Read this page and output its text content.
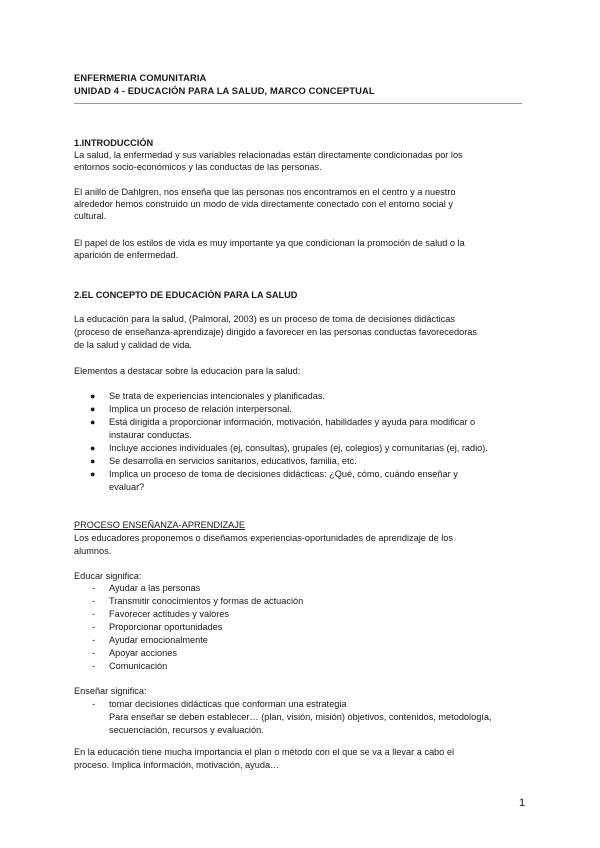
ENFERMERIA COMUNITARIA
UNIDAD 4 - EDUCACIÓN PARA LA SALUD, MARCO CONCEPTUAL
1.INTRODUCCIÓN
La salud, la enfermedad y sus variables relacionadas están directamente condicionadas por los
entornos socio-económicos y las conductas de las personas.
El anillo de Dahlgren, nos enseña que las personas nos encontramos en el centro y a nuestro
alrededor hemos construido un modo de vida directamente conectado con el entorno social y
cultural.
El papel de los estilos de vida es muy importante ya que condicionan la promoción de salud o la
aparición de enfermedad.
2.EL CONCEPTO DE EDUCACIÓN PARA LA SALUD
La educación para la salud, (Palmoral, 2003) es un proceso de toma de decisiones didácticas
(proceso de enseñanza-aprendizaje) dirigido a favorecer en las personas conductas favorecedoras
de la salud y calidad de vida.
Elementos a destacar sobre la educación para la salud:
● Se trata de experiencias intencionales y planificadas.
● Implica un proceso de relación interpersonal.
● Está dirigida a proporcionar información, motivación, habilidades y ayuda para modificar o
instaurar conductas.
● Incluye acciones individuales (ej, consultas), grupales (ej, colegios) y comunitarias (ej, radio).
● Se desarrolla en servicios sanitarios, educativos, familia, etc.
● Implica un proceso de toma de decisiones didácticas: ¿Qué, cómo, cuándo enseñar y
evaluar?
PROCESO ENSEÑANZA-APRENDIZAJE
Los educadores proponemos o diseñamos experiencias-oportunidades de aprendizaje de los
alumnos.
Educar significa:
- Ayudar a las personas
- Transmitir conocimientos y formas de actuación
- Favorecer actitudes y valores
- Proporcionar oportunidades
- Ayudar emocionalmente
- Apoyar acciones
- Comunicación
Enseñar significa:
- tomar decisiones didácticas que conforman una estrategia
Para enseñar se deben establecer… (plan, visión, misión) objetivos, contenidos, metodología,
secuenciación, recursos y evaluación.
En la educación tiene mucha importancia el plan o método con el que se va a llevar a cabo el
proceso. Implica información, motivación, ayuda…
1
